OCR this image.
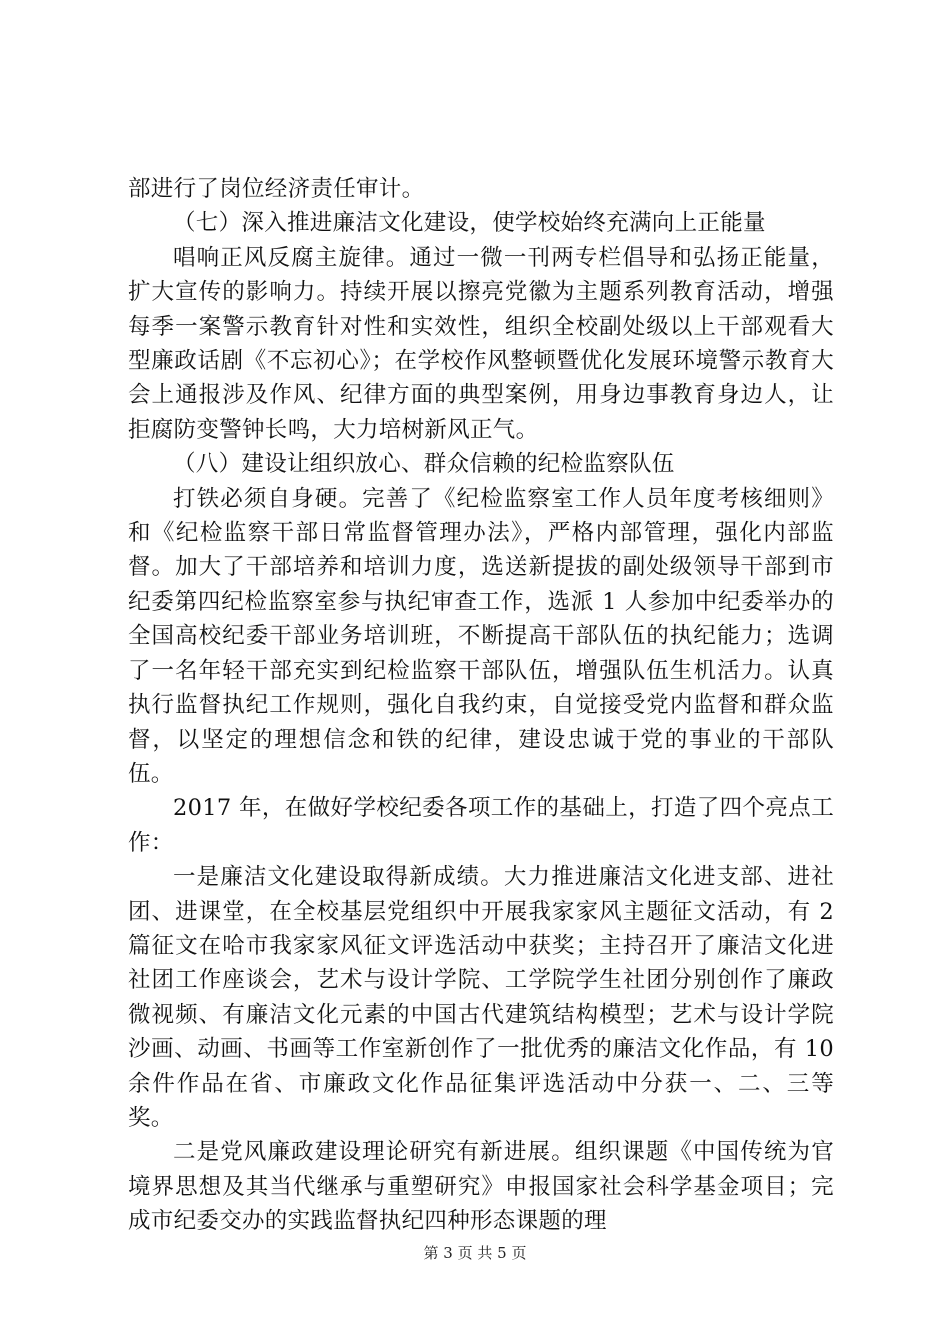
部进行了岗位经济责任审计。

（七）深入推进廉洁文化建设，使学校始终充满向上正能量

唱响正风反腐主旋律。通过一微一刊两专栏倡导和弘扬正能量，扩大宣传的影响力。持续开展以擦亮党徽为主题系列教育活动，增强每季一案警示教育针对性和实效性，组织全校副处级以上干部观看大型廉政话剧《不忘初心》；在学校作风整顿暨优化发展环境警示教育大会上通报涉及作风、纪律方面的典型案例，用身边事教育身边人，让拒腐防变警钟长鸣，大力培树新风正气。

（八）建设让组织放心、群众信赖的纪检监察队伍

打铁必须自身硬。完善了《纪检监察室工作人员年度考核细则》和《纪检监察干部日常监督管理办法》，严格内部管理，强化内部监督。加大了干部培养和培训力度，选送新提拔的副处级领导干部到市纪委第四纪检监察室参与执纪审查工作，选派 1 人参加中纪委举办的全国高校纪委干部业务培训班，不断提高干部队伍的执纪能力；选调了一名年轻干部充实到纪检监察干部队伍，增强队伍生机活力。认真执行监督执纪工作规则，强化自我约束，自觉接受党内监督和群众监督，以坚定的理想信念和铁的纪律，建设忠诚于党的事业的干部队伍。

2017 年，在做好学校纪委各项工作的基础上，打造了四个亮点工作：

一是廉洁文化建设取得新成绩。大力推进廉洁文化进支部、进社团、进课堂，在全校基层党组织中开展我家家风主题征文活动，有 2 篇征文在哈市我家家风征文评选活动中获奖；主持召开了廉洁文化进社团工作座谈会，艺术与设计学院、工学院学生社团分别创作了廉政微视频、有廉洁文化元素的中国古代建筑结构模型；艺术与设计学院沙画、动画、书画等工作室新创作了一批优秀的廉洁文化作品，有 10 余件作品在省、市廉政文化作品征集评选活动中分获一、二、三等奖。

二是党风廉政建设理论研究有新进展。组织课题《中国传统为官境界思想及其当代继承与重塑研究》申报国家社会科学基金项目；完成市纪委交办的实践监督执纪四种形态课题的理

第 3 页 共 5 页
